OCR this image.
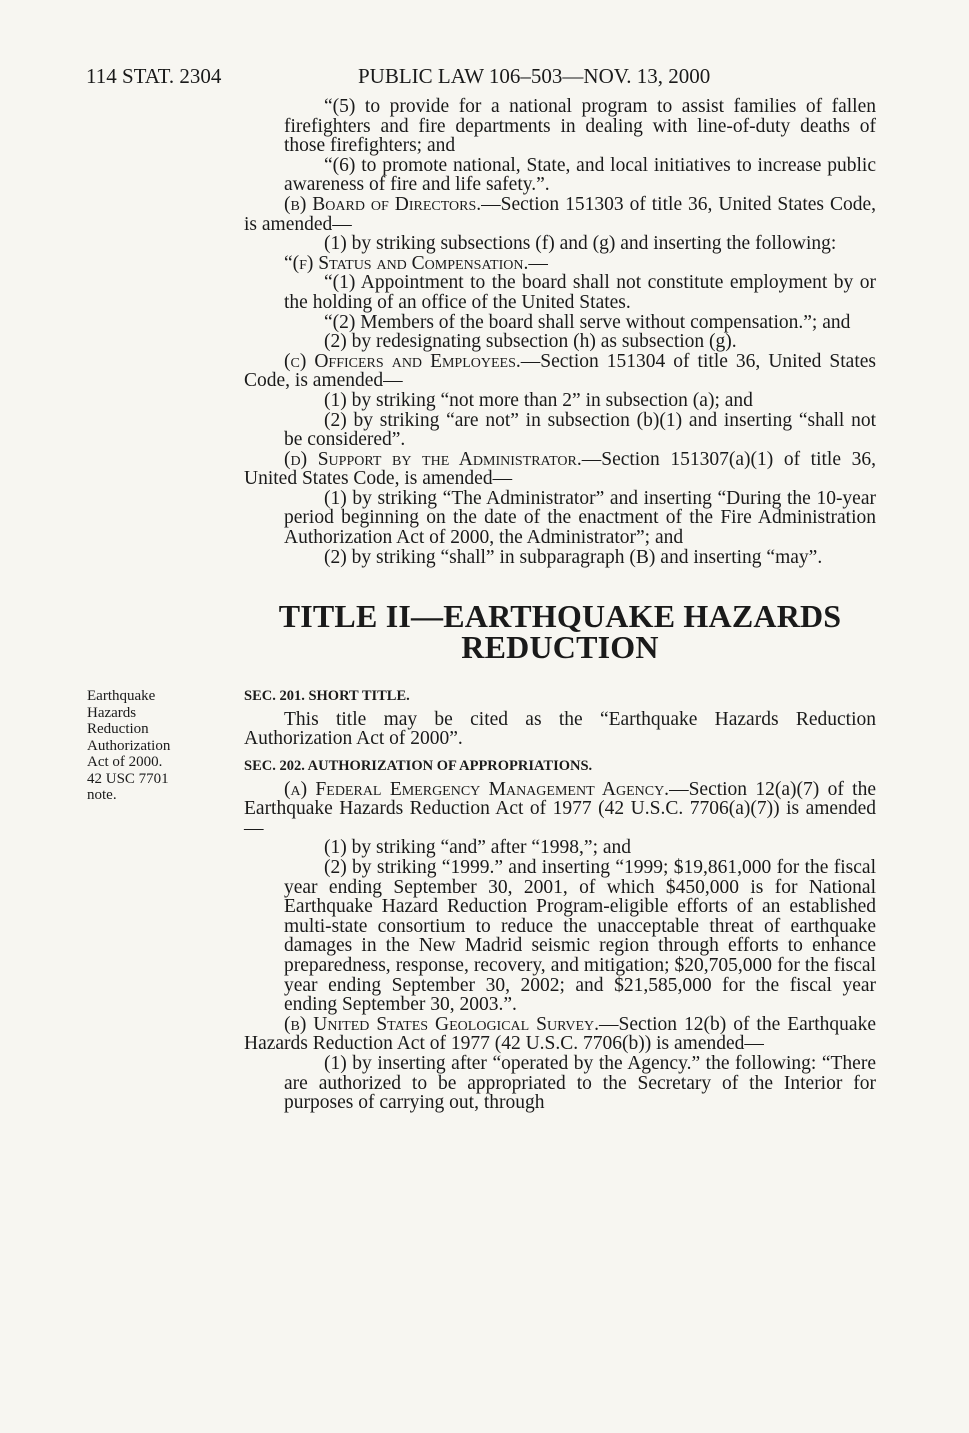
114 STAT. 2304	PUBLIC LAW 106–503—NOV. 13, 2000
Earthquake
Hazards
Reduction
Authorization
Act of 2000.
42 USC 7701
note.

“(5) to provide for a national program to assist families of fallen firefighters and fire departments in dealing with line-of-duty deaths of those firefighters; and

“(6) to promote national, State, and local initiatives to increase public awareness of fire and life safety.”.

(b) Board of Directors.—Section 151303 of title 36, United States Code, is amended—

(1) by striking subsections (f) and (g) and inserting the following:

“(f) Status and Compensation.—

“(1) Appointment to the board shall not constitute employment by or the holding of an office of the United States.

“(2) Members of the board shall serve without compensation.”; and

(2) by redesignating subsection (h) as subsection (g).

(c) Officers and Employees.—Section 151304 of title 36, United States Code, is amended—

(1) by striking “not more than 2” in subsection (a); and

(2) by striking “are not” in subsection (b)(1) and inserting “shall not be considered”.

(d) Support by the Administrator.—Section 151307(a)(1) of title 36, United States Code, is amended—

(1) by striking “The Administrator” and inserting “During the 10-year period beginning on the date of the enactment of the Fire Administration Authorization Act of 2000, the Administrator”; and

(2) by striking “shall” in subparagraph (B) and inserting “may”.

TITLE II—EARTHQUAKE HAZARDS
REDUCTION
SEC. 201. SHORT TITLE.

This title may be cited as the “Earthquake Hazards Reduction Authorization Act of 2000”.

SEC. 202. AUTHORIZATION OF APPROPRIATIONS.

(a) Federal Emergency Management Agency.—Section 12(a)(7) of the Earthquake Hazards Reduction Act of 1977 (42 U.S.C. 7706(a)(7)) is amended—

(1) by striking “and” after “1998,”; and

(2) by striking “1999.” and inserting “1999; $19,861,000 for the fiscal year ending September 30, 2001, of which $450,000 is for National Earthquake Hazard Reduction Program-eligible efforts of an established multi-state consortium to reduce the unacceptable threat of earthquake damages in the New Madrid seismic region through efforts to enhance preparedness, response, recovery, and mitigation; $20,705,000 for the fiscal year ending September 30, 2002; and $21,585,000 for the fiscal year ending September 30, 2003.”.

(b) United States Geological Survey.—Section 12(b) of the Earthquake Hazards Reduction Act of 1977 (42 U.S.C. 7706(b)) is amended—

(1) by inserting after “operated by the Agency.” the following: “There are authorized to be appropriated to the Secretary of the Interior for purposes of carrying out, through
